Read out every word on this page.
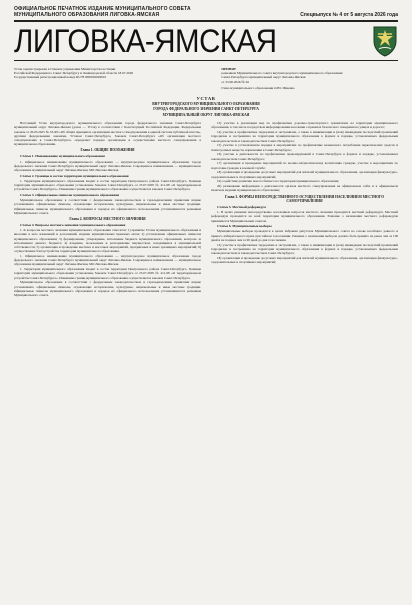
ОФИЦИАЛЬНОЕ ПЕЧАТНОЕ ИЗДАНИЕ МУНИЦИПАЛЬНОГО СОВЕТА
МУНИЦИПАЛЬНОГО ОБРАЗОВАНИЯ ЛИГОВКА-ЯМСКАЯ	Спецвыпуск № 4 от 5 августа 2026 года
ЛИГОВКА-ЯМСКАЯ
Устав зарегистрирован в Главном управлении Министерства юстиции
Российской Федерации по Санкт-Петербургу и Ленинградской области 18.07.2026
Государственный регистрационный номер RU781000002026001
ПРИНЯТ
решением Муниципального совета внутригородского муниципального образования
Санкт-Петербурга муниципальный округ Лиговка-Ямская
от 23.06.2026 № 26
Глава муниципального образования О.Ю. Ивченко
УСТАВ
ВНУТРИГОРОДСКОГО МУНИЦИПАЛЬНОГО ОБРАЗОВАНИЯ
ГОРОДА ФЕДЕРАЛЬНОГО ЗНАЧЕНИЯ САНКТ-ПЕТЕРБУРГА
МУНИЦИПАЛЬНЫЙ ОКРУГ ЛИГОВКА-ЯМСКАЯ

Настоящий Устав внутригородского муниципального образования города федерального значения Санкт-Петербурга муниципальный округ Лиговка-Ямская (далее — Устав) в соответствии с Конституцией Российской Федерации, Федеральным законом от 20.03.2025 № 33-ФЗ «Об общих принципах организации местного самоуправления в единой системе публичной власти», другими федеральными законами, Уставом Санкт-Петербурга, Законом Санкт-Петербурга «Об организации местного самоуправления в Санкт-Петербурге» определяет порядок организации и осуществления местного самоуправления в муниципальном образовании.

Глава 1. ОБЩИЕ ПОЛОЖЕНИЯ
Статья 1. Наименование муниципального образования

1. Официальное наименование муниципального образования — внутригородское муниципальное образование города федерального значения Санкт-Петербурга муниципальный округ Лиговка-Ямская. Сокращенное наименование — муниципальное образование муниципальный округ Лиговка-Ямская, МО Лиговка-Ямская.

Статья 2. Границы и состав территории муниципального образования

1. Территория муниципального образования входит в состав территории Центрального района Санкт-Петербурга. Границы территории муниципального образования установлены Законом Санкт-Петербурга от 25.07.2005 № 411-68 «О территориальном устройстве Санкт-Петербурга». Изменение границ муниципального образования осуществляется законом Санкт-Петербурга.

Статья 3. Официальные символы муниципального образования

Муниципальное образование в соответствии с федеральным законодательством и геральдическими правилами вправе устанавливать официальные символы, отражающие исторические, культурные, национальные и иные местные традиции. Официальные символы муниципального образования и порядок их официального использования устанавливаются решением Муниципального совета.

Глава 2. ВОПРОСЫ МЕСТНОГО ЗНАЧЕНИЯ
Статья 4. Вопросы местного значения муниципального образования

1. К вопросам местного значения муниципального образования относятся: 1) принятие Устава муниципального образования и внесение в него изменений и дополнений, издание муниципальных правовых актов; 2) установление официальных символов муниципального образования; 3) формирование, утверждение, исполнение бюджета муниципального образования, контроль за исполнением данного бюджета; 4) владение, пользование и распоряжение имуществом, находящимся в муниципальной собственности; 5) организация и проведение местных и массовых мероприятий, праздничных и иных зрелищных мероприятий; 6) осуществление благоустройства территории муниципального образования.

1. Официальное наименование муниципального образования — внутригородское муниципальное образование города федерального значения Санкт-Петербурга муниципальный округ Лиговка-Ямская. Сокращенное наименование — муниципальное образование муниципальный округ Лиговка-Ямская, МО Лиговка-Ямская.

1. Территория муниципального образования входит в состав территории Центрального района Санкт-Петербурга. Границы территории муниципального образования установлены Законом Санкт-Петербурга от 25.07.2005 № 411-68 «О территориальном устройстве Санкт-Петербурга». Изменение границ муниципального образования осуществляется законом Санкт-Петербурга.

Муниципальное образование в соответствии с федеральным законодательством и геральдическими правилами вправе устанавливать официальные символы, отражающие исторические, культурные, национальные и иные местные традиции. Официальные символы муниципального образования и порядок их официального использования устанавливаются решением Муниципального совета.

13) участие в реализации мер по профилактике дорожно-транспортного травматизма на территории муниципального образования, в том числе посредством информирования населения о правилах безопасного поведения на улицах и дорогах;

14) участие в профилактике терроризма и экстремизма, а также в минимизации и (или) ликвидации последствий проявлений терроризма и экстремизма на территории муниципального образования в формах и порядке, установленных федеральным законодательством и законодательством Санкт-Петербурга;

15) участие в установленном порядке в мероприятиях по профилактике незаконного потребления наркотических средств и психотропных веществ, наркомании в Санкт-Петербурге;

16) участие в деятельности по профилактике правонарушений в Санкт-Петербурге в формах и порядке, установленных законодательством Санкт-Петербурга;

17) организация и проведение мероприятий по военно-патриотическому воспитанию граждан, участие в мероприятиях по подготовке граждан к военной службе;

18) организация и проведение досуговых мероприятий для жителей муниципального образования, организация физкультурно-оздоровительных и спортивных мероприятий;

19) содействие развитию малого бизнеса на территории муниципального образования;

20) размещение информации о деятельности органов местного самоуправления на официальном сайте и в официальном печатном издании муниципального образования;

Глава 3. ФОРМЫ НЕПОСРЕДСТВЕННОГО ОСУЩЕСТВЛЕНИЯ НАСЕЛЕНИЕМ МЕСТНОГО САМОУПРАВЛЕНИЯ
Статья 5. Местный референдум

1. В целях решения непосредственно населением вопросов местного значения проводится местный референдум. Местный референдум проводится на всей территории муниципального образования. Решение о назначении местного референдума принимается Муниципальным советом.

Статья 6. Муниципальные выборы

Муниципальные выборы проводятся в целях избрания депутатов Муниципального совета на основе всеобщего равного и прямого избирательного права при тайном голосовании. Решение о назначении выборов должно быть принято не ранее чем за 100 дней и не позднее чем за 90 дней до дня голосования.

14) участие в профилактике терроризма и экстремизма, а также в минимизации и (или) ликвидации последствий проявлений терроризма и экстремизма на территории муниципального образования в формах и порядке, установленных федеральным законодательством и законодательством Санкт-Петербурга;

18) организация и проведение досуговых мероприятий для жителей муниципального образования, организация физкультурно-оздоровительных и спортивных мероприятий;
